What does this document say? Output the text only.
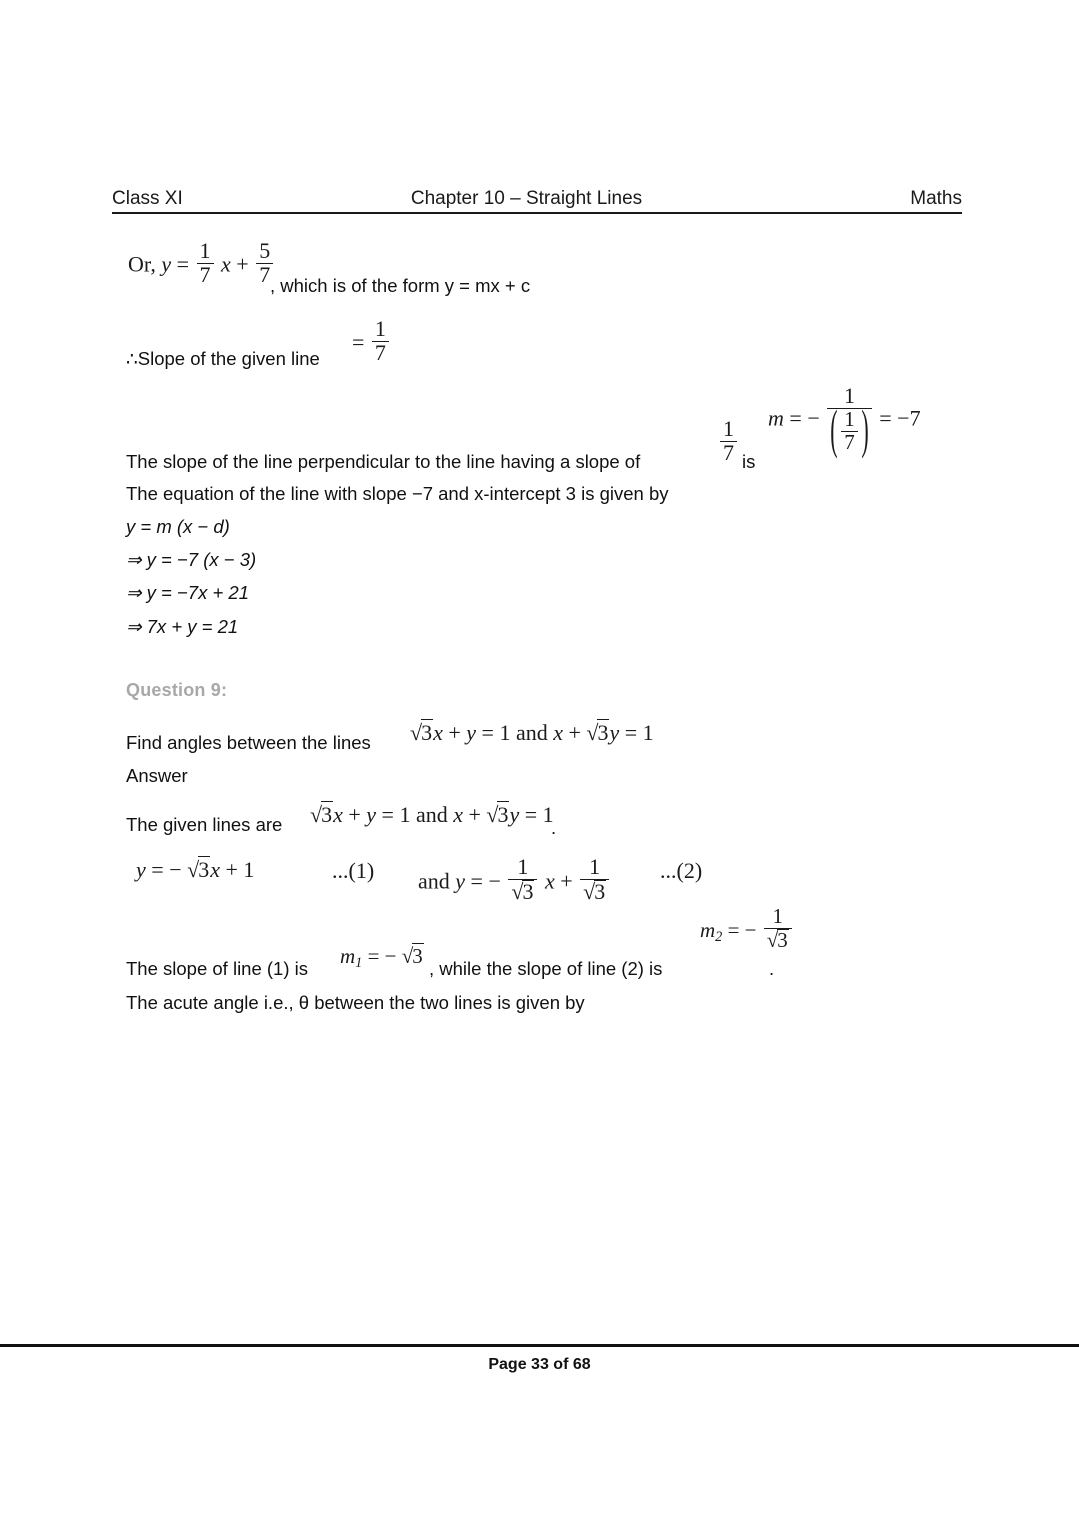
Class XI	Chapter 10 – Straight Lines	Maths
Or, $y = \frac{1}{7}$ $x + \frac{5}{7}$
, which is of the form y = mx + c
∴Slope of the given line
= $\frac{1}{7}$
m = − 1
( $\frac{1}{7}$
) = −7
The slope of the line perpendicular to the line having a slope of	$\frac{1}{7}$ is
The equation of the line with slope −7 and x-intercept 3 is given by
y = m (x − d)
⇒ y = −7 (x − 3)
⇒ y = −7x + 21
⇒ 7x + y = 21
Question 9:
Find angles between the lines √3x + y = 1 and x + √3y = 1
Answer
The given lines are √3x + y = 1 and x + √3y = 1
.
y = − √3x + 1	...(1) and y = − $\frac{1}{√3}$ $x + \frac{1}{√3} ...(2)$
The slope of line (1) is
$m_1$ = − √3
, while the slope of line (2) is
$m_2$ = − $\frac{1}{√3}$
.
The acute angle i.e., θ between the two lines is given by
Page 33 of 68
